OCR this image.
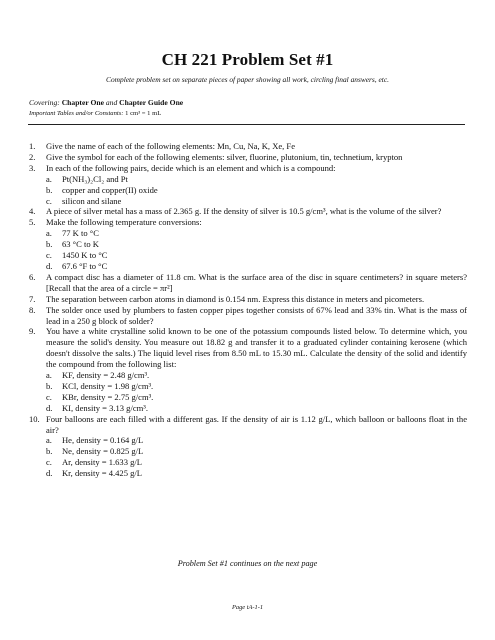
CH 221 Problem Set #1
Complete problem set on separate pieces of paper showing all work, circling final answers, etc.
Covering: Chapter One and Chapter Guide One
Important Tables and/or Constants: 1 cm³ = 1 mL
1. Give the name of each of the following elements: Mn, Cu, Na, K, Xe, Fe
2. Give the symbol for each of the following elements: silver, fluorine, plutonium, tin, technetium, krypton
3. In each of the following pairs, decide which is an element and which is a compound:
a. Pt(NH₃)₂Cl₂ and Pt
b. copper and copper(II) oxide
c. silicon and silane
4. A piece of silver metal has a mass of 2.365 g. If the density of silver is 10.5 g/cm³, what is the volume of the silver?
5. Make the following temperature conversions:
a. 77 K to °C
b. 63 °C to K
c. 1450 K to °C
d. 67.6 °F to °C
6. A compact disc has a diameter of 11.8 cm. What is the surface area of the disc in square centimeters? in square meters? [Recall that the area of a circle = πr²]
7. The separation between carbon atoms in diamond is 0.154 nm. Express this distance in meters and picometers.
8. The solder once used by plumbers to fasten copper pipes together consists of 67% lead and 33% tin. What is the mass of lead in a 250 g block of solder?
9. You have a white crystalline solid known to be one of the potassium compounds listed below. To determine which, you measure the solid's density. You measure out 18.82 g and transfer it to a graduated cylinder containing kerosene (which doesn't dissolve the salts.) The liquid level rises from 8.50 mL to 15.30 mL. Calculate the density of the solid and identify the compound from the following list:
a. KF, density = 2.48 g/cm³.
b. KCl, density = 1.98 g/cm³.
c. KBr, density = 2.75 g/cm³.
d. KI, density = 3.13 g/cm³.
10. Four balloons are each filled with a different gas. If the density of air is 1.12 g/L, which balloon or balloons float in the air?
a. He, density = 0.164 g/L
b. Ne, density = 0.825 g/L
c. Ar, density = 1.633 g/L
d. Kr, density = 4.425 g/L
Problem Set #1 continues on the next page
Page tA-1-1
